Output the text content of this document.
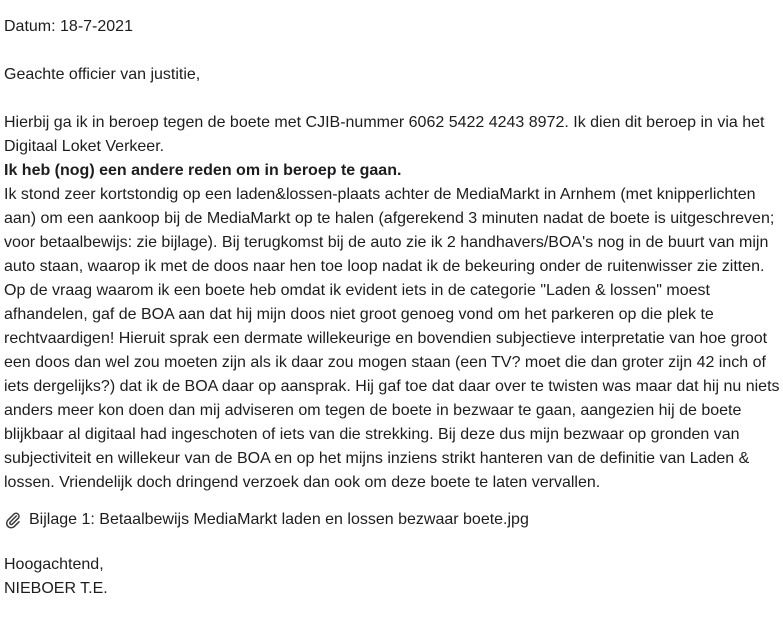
Datum: 18-7-2021

Geachte officier van justitie,

Hierbij ga ik in beroep tegen de boete met CJIB-nummer 6062 5422 4243 8972. Ik dien dit beroep in via het Digitaal Loket Verkeer.

Ik heb (nog) een andere reden om in beroep te gaan.

Ik stond zeer kortstondig op een laden&lossen-plaats achter de MediaMarkt in Arnhem (met knipperlichten aan) om een aankoop bij de MediaMarkt op te halen (afgerekend 3 minuten nadat de boete is uitgeschreven; voor betaalbewijs: zie bijlage). Bij terugkomst bij de auto zie ik 2 handhavers/BOA's nog in de buurt van mijn auto staan, waarop ik met de doos naar hen toe loop nadat ik de bekeuring onder de ruitenwisser zie zitten. Op de vraag waarom ik een boete heb omdat ik evident iets in de categorie "Laden & lossen" moest afhandelen, gaf de BOA aan dat hij mijn doos niet groot genoeg vond om het parkeren op die plek te rechtvaardigen! Hieruit sprak een dermate willekeurige en bovendien subjectieve interpretatie van hoe groot een doos dan wel zou moeten zijn als ik daar zou mogen staan (een TV? moet die dan groter zijn 42 inch of iets dergelijks?) dat ik de BOA daar op aansprak. Hij gaf toe dat daar over te twisten was maar dat hij nu niets anders meer kon doen dan mij adviseren om tegen de boete in bezwaar te gaan, aangezien hij de boete blijkbaar al digitaal had ingeschoten of iets van die strekking. Bij deze dus mijn bezwaar op gronden van subjectiviteit en willekeur van de BOA en op het mijns inziens strikt hanteren van de definitie van Laden & lossen. Vriendelijk doch dringend verzoek dan ook om deze boete te laten vervallen.

Bijlage 1: Betaalbewijs MediaMarkt laden en lossen bezwaar boete.jpg

Hoogachtend,

NIEBOER T.E.
